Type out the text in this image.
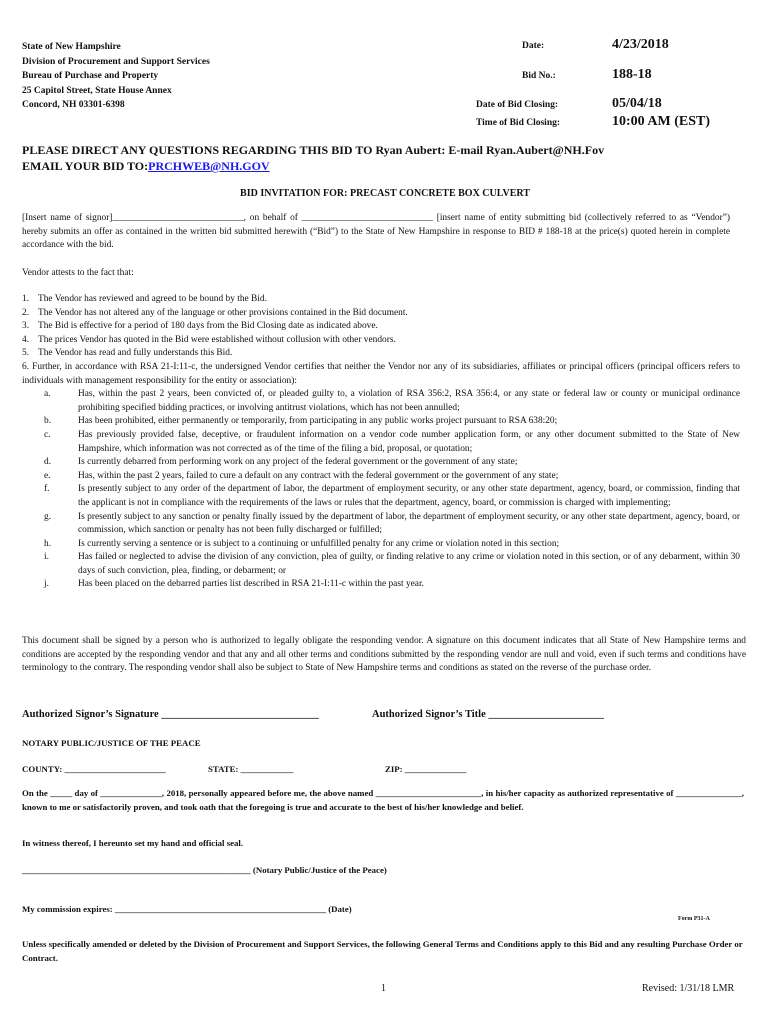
State of New Hampshire
Division of Procurement and Support Services
Bureau of Purchase and Property
25 Capitol Street, State House Annex
Concord, NH 03301-6398
Date:	4/23/2018
Bid No.:	188-18
Date of Bid Closing:	05/04/18
Time of Bid Closing:	10:00 AM (EST)
PLEASE DIRECT ANY QUESTIONS REGARDING THIS BID TO Ryan Aubert: E-mail Ryan.Aubert@NH.Fov
EMAIL YOUR BID TO:PRCHWEB@NH.GOV
BID INVITATION FOR: PRECAST CONCRETE BOX CULVERT
[Insert name of signor]____________________________, on behalf of ____________________________ [insert name of entity submitting bid (collectively referred to as “Vendor”) hereby submits an offer as contained in the written bid submitted herewith (“Bid”) to the State of New Hampshire in response to BID # 188-18 at the price(s) quoted herein in complete accordance with the bid.
Vendor attests to the fact that:
1. The Vendor has reviewed and agreed to be bound by the Bid.
2. The Vendor has not altered any of the language or other provisions contained in the Bid document.
3. The Bid is effective for a period of 180 days from the Bid Closing date as indicated above.
4. The prices Vendor has quoted in the Bid were established without collusion with other vendors.
5. The Vendor has read and fully understands this Bid.
6. Further, in accordance with RSA 21-I:11-c, the undersigned Vendor certifies that neither the Vendor nor any of its subsidiaries, affiliates or principal officers (principal officers refers to individuals with management responsibility for the entity or association):
a.	Has, within the past 2 years, been convicted of, or pleaded guilty to, a violation of RSA 356:2, RSA 356:4, or any state or federal law or county or municipal ordinance prohibiting specified bidding practices, or involving antitrust violations, which has not been annulled;
b.	Has been prohibited, either permanently or temporarily, from participating in any public works project pursuant to RSA 638:20;
c.	Has previously provided false, deceptive, or fraudulent information on a vendor code number application form, or any other document submitted to the State of New Hampshire, which information was not corrected as of the time of the filing a bid, proposal, or quotation;
d.	Is currently debarred from performing work on any project of the federal government or the government of any state;
e.	Has, within the past 2 years, failed to cure a default on any contract with the federal government or the government of any state;
f.	Is presently subject to any order of the department of labor, the department of employment security, or any other state department, agency, board, or commission, finding that the applicant is not in compliance with the requirements of the laws or rules that the department, agency, board, or commission is charged with implementing;
g.	Is presently subject to any sanction or penalty finally issued by the department of labor, the department of employment security, or any other state department, agency, board, or commission, which sanction or penalty has not been fully discharged or fulfilled;
h.	Is currently serving a sentence or is subject to a continuing or unfulfilled penalty for any crime or violation noted in this section;
i.	Has failed or neglected to advise the division of any conviction, plea of guilty, or finding relative to any crime or violation noted in this section, or of any debarment, within 30 days of such conviction, plea, finding, or debarment; or
j.	Has been placed on the debarred parties list described in RSA 21-I:11-c within the past year.
This document shall be signed by a person who is authorized to legally obligate the responding vendor. A signature on this document indicates that all State of New Hampshire terms and conditions are accepted by the responding vendor and that any and all other terms and conditions submitted by the responding vendor are null and void, even if such terms and conditions have terminology to the contrary. The responding vendor shall also be subject to State of New Hampshire terms and conditions as stated on the reverse of the purchase order.
Authorized Signor’s Signature ______________________________	Authorized Signor’s Title ______________________
NOTARY PUBLIC/JUSTICE OF THE PEACE
COUNTY: _______________________	STATE: ____________	ZIP: ______________
On the _____ day of ______________, 2018, personally appeared before me, the above named ________________________, in his/her capacity as authorized representative of _______________, known to me or satisfactorily proven, and took oath that the foregoing is true and accurate to the best of his/her knowledge and belief.
In witness thereof, I hereunto set my hand and official seal.
____________________________________________________ (Notary Public/Justice of the Peace)
My commission expires: ________________________________________________ (Date)
Form P31-A
Unless specifically amended or deleted by the Division of Procurement and Support Services, the following General Terms and Conditions apply to this Bid and any resulting Purchase Order or Contract.
1	Revised: 1/31/18 LMR
